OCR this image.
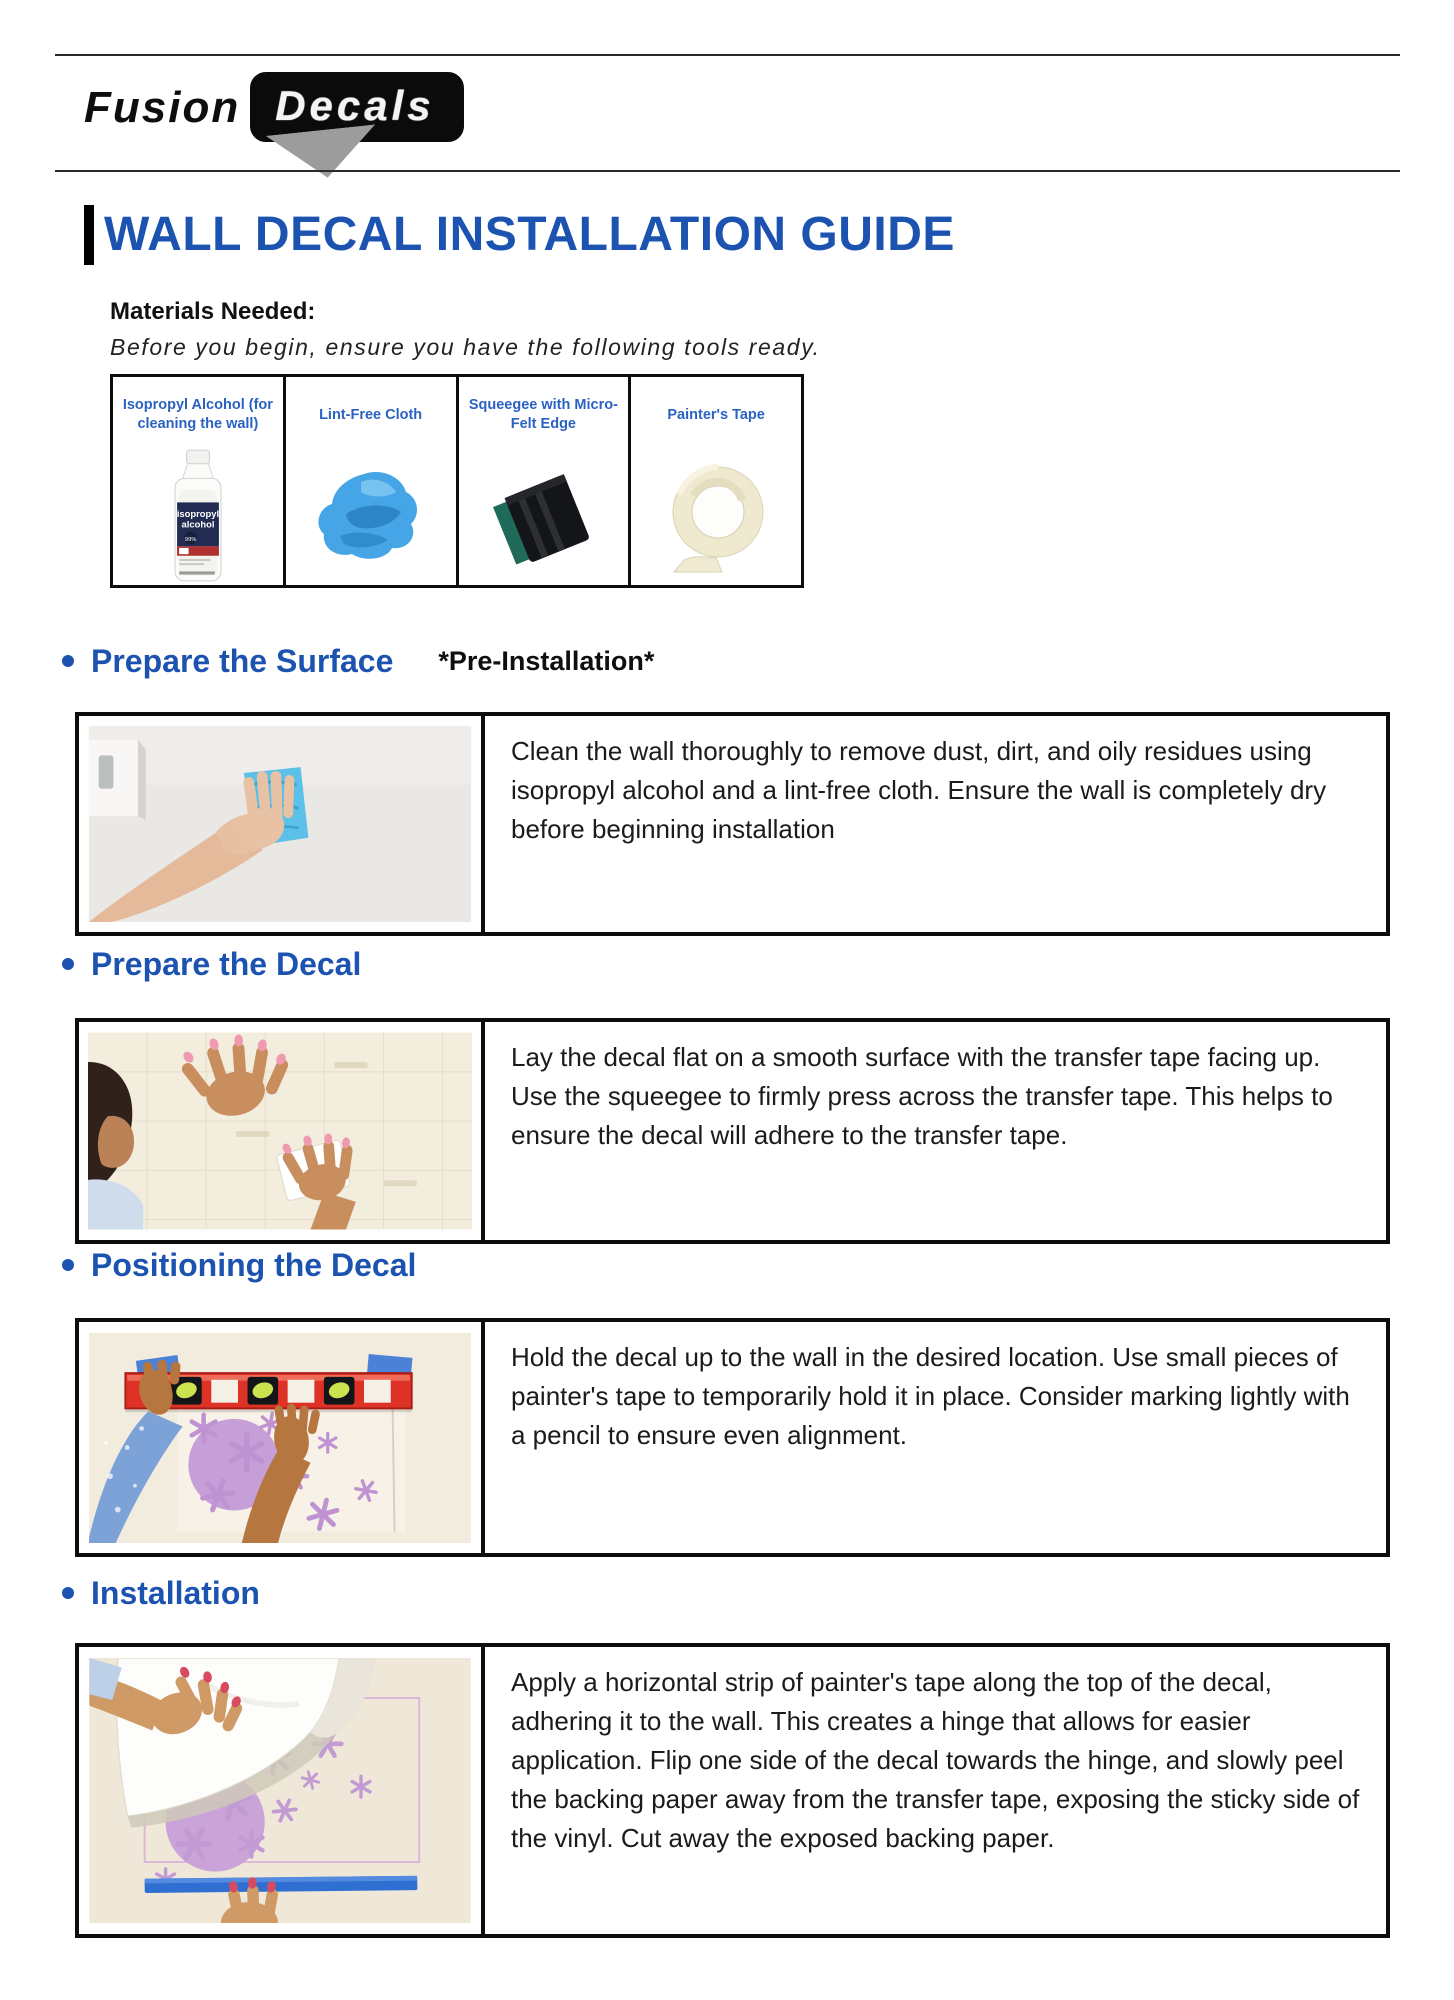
Fusion Decals
WALL DECAL INSTALLATION GUIDE
Materials Needed:
Before you begin, ensure you have the following tools ready.
Isopropyl Alcohol (for cleaning the wall)
isopropyl
alcohol
99%
Lint-Free Cloth
Squeegee with Micro-Felt Edge
Painter's Tape
Prepare the Surface *Pre-Installation*
Clean the wall thoroughly to remove dust, dirt, and oily residues using isopropyl alcohol and a lint-free cloth. Ensure the wall is completely dry before beginning installation
Prepare the Decal
Lay the decal flat on a smooth surface with the transfer tape facing up. Use the squeegee to firmly press across the transfer tape. This helps to ensure the decal will adhere to the transfer tape.
Positioning the Decal
Hold the decal up to the wall in the desired location. Use small pieces of painter's tape to temporarily hold it in place. Consider marking lightly with a pencil to ensure even alignment.
Installation
Apply a horizontal strip of painter's tape along the top of the decal, adhering it to the wall. This creates a hinge that allows for easier application. Flip one side of the decal towards the hinge, and slowly peel the backing paper away from the transfer tape, exposing the sticky side of the vinyl. Cut away the exposed backing paper.
